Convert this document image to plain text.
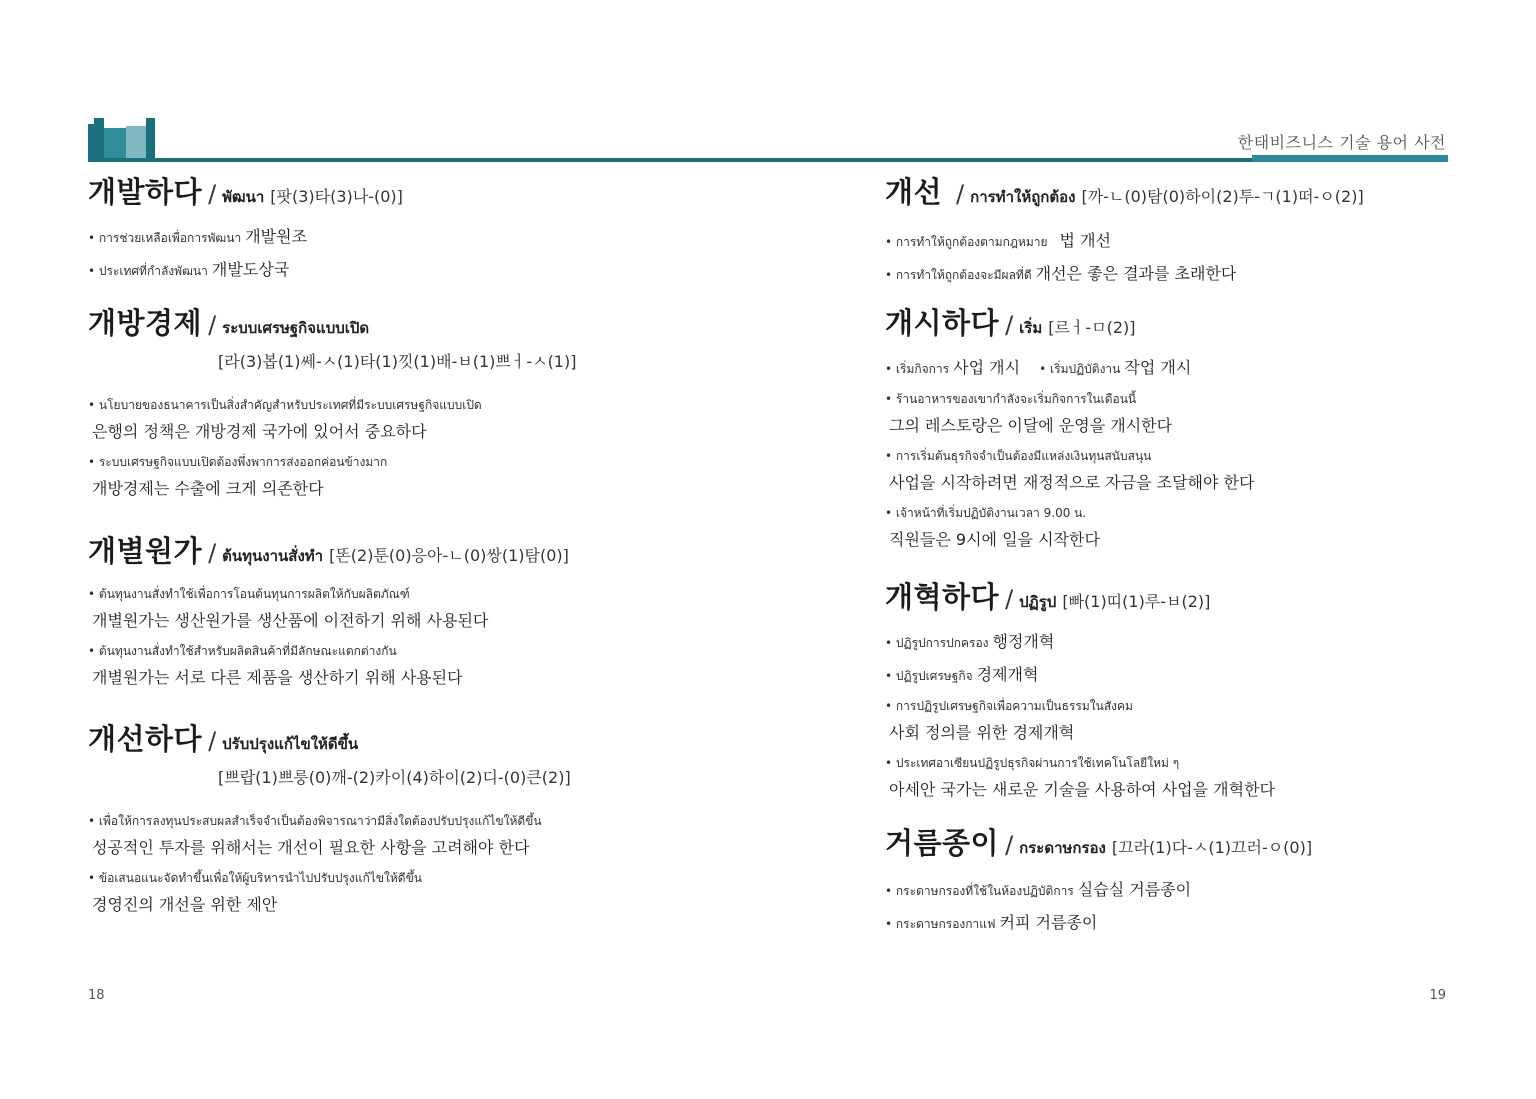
한태비즈니스 기술 용어 사전
개발하다 / พัฒนา [팟(3)타(3)나-(0)]
• การช่วยเหลือเพื่อการพัฒนา 개발원조
• ประเทศที่กำลังพัฒนา 개발도상국
개방경제 / ระบบเศรษฐกิจแบบเปิด
[라(3)봅(1)쎄-ㅅ(1)타(1)낏(1)배-ㅂ(1)쁘ㅓ-ㅅ(1)]
• นโยบายของธนาคารเป็นสิ่งสำคัญสำหรับประเทศที่มีระบบเศรษฐกิจแบบเปิด
은행의 정책은 개방경제 국가에 있어서 중요하다
• ระบบเศรษฐกิจแบบเปิดต้องพึ่งพาการส่งออกค่อนข้างมาก
개방경제는 수출에 크게 의존한다
개별원가 / ต้นทุนงานสั่งทำ [똔(2)툰(0)응아-ㄴ(0)쌍(1)탐(0)]
• ต้นทุนงานสั่งทำใช้เพื่อการโอนต้นทุนการผลิตให้กับผลิตภัณฑ์
개별원가는 생산원가를 생산품에 이전하기 위해 사용된다
• ต้นทุนงานสั่งทำใช้สำหรับผลิตสินค้าที่มีลักษณะแตกต่างกัน
개별원가는 서로 다른 제품을 생산하기 위해 사용된다
개선하다 / ปรับปรุงแก้ไขให้ดีขึ้น
[쁘랍(1)쁘룽(0)깨-(2)카이(4)하이(2)디-(0)큰(2)]
• เพื่อให้การลงทุนประสบผลสำเร็จจำเป็นต้องพิจารณาว่ามีสิ่งใดต้องปรับปรุงแก้ไขให้ดีขึ้น
성공적인 투자를 위해서는 개선이 필요한 사항을 고려해야 한다
• ข้อเสนอแนะจัดทำขึ้นเพื่อให้ผู้บริหารนำไปปรับปรุงแก้ไขให้ดีขึ้น
경영진의 개선을 위한 제안
개선 / การทำให้ถูกต้อง [까-ㄴ(0)탐(0)하이(2)투-ㄱ(1)떠-ㅇ(2)]
• การทำให้ถูกต้องตามกฎหมาย 법 개선
• การทำให้ถูกต้องจะมีผลที่ดี 개선은 좋은 결과를 초래한다
개시하다 / เริ่ม [르ㅓ-ㅁ(2)]
• เริ่มกิจการ 사업 개시 •	เริ่มปฏิบัติงาน 작업 개시
• ร้านอาหารของเขากำลังจะเริ่มกิจการในเดือนนี้
그의 레스토랑은 이달에 운영을 개시한다
• การเริ่มต้นธุรกิจจำเป็นต้องมีแหล่งเงินทุนสนับสนุน
사업을 시작하려면 재정적으로 자금을 조달해야 한다
• เจ้าหน้าที่เริ่มปฏิบัติงานเวลา 9.00 น.
직원들은 9시에 일을 시작한다
개혁하다 / ปฏิรูป [빠(1)띠(1)루-ㅂ(2)]
• ปฏิรูปการปกครอง 행정개혁
• ปฏิรูปเศรษฐกิจ 경제개혁
• การปฏิรูปเศรษฐกิจเพื่อความเป็นธรรมในสังคม
사회 정의를 위한 경제개혁
• ประเทศอาเซียนปฏิรูปธุรกิจผ่านการใช้เทคโนโลยีใหม่ ๆ
아세안 국가는 새로운 기술을 사용하여 사업을 개혁한다
거름종이 / กระดาษกรอง [끄라(1)다-ㅅ(1)끄러-ㅇ(0)]
• กระดาษกรองที่ใช้ในห้องปฏิบัติการ 실습실 거름종이
• กระดาษกรองกาแฟ 커피 거름종이
18	19
